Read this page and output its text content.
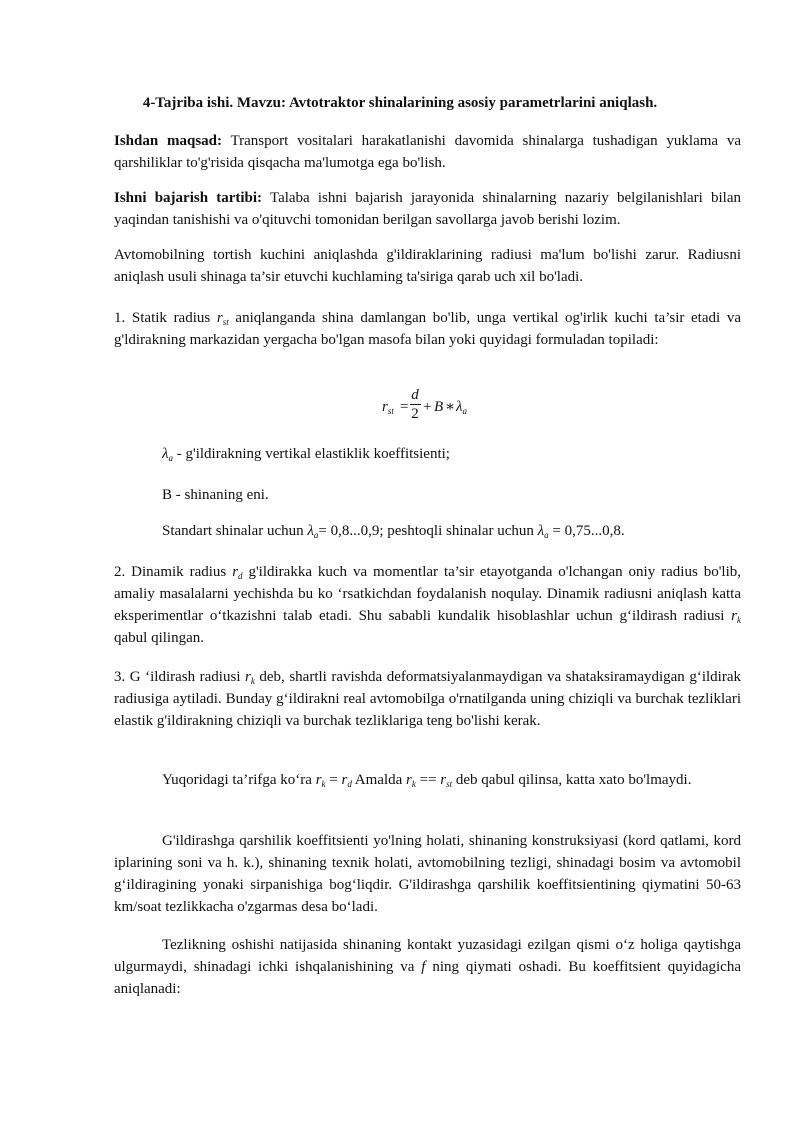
4-Tajriba ishi. Mavzu: Avtotraktor shinalarining asosiy parametrlarini aniqlash.
Ishdan maqsad: Transport vositalari harakatlanishi davomida shinalarga tushadigan yuklama va qarshiliklar to'g'risida qisqacha ma'lumotga ega bo'lish.
Ishni bajarish tartibi: Talaba ishni bajarish jarayonida shinalarning nazariy belgilanishlari bilan yaqindan tanishishi va o'qituvchi tomonidan berilgan savollarga javob berishi lozim.
Avtomobilning tortish kuchini aniqlashda g'ildiraklarining radiusi ma'lum bo'lishi zarur. Radiusni aniqlash usuli shinaga ta’sir etuvchi kuchlaming ta'siriga qarab uch xil bo'ladi.
1. Statik radius $r_{st}$ aniqlanganda shina damlangan bo'lib, unga vertikal og'irlik kuchi ta’sir etadi va g'ldirakning markazidan yergacha bo'lgan masofa bilan yoki quyidagi formuladan topiladi:
$r_{st}$ =
d
2 + B ∗ $\lambda_a$
$\lambda_a$ - g'ildirakning vertikal elastiklik koeffitsienti;
B - shinaning eni.
Standart shinalar uchun $\lambda_a= 0,8...0,9$; peshtoqli shinalar uchun $\lambda_a = 0,75...0,8$.
2. Dinamik radius $r_d$ g'ildirakka kuch va momentlar ta’sir etayotganda o'lchangan oniy radius bo'lib, amaliy masalalarni yechishda bu ko ‘rsatkichdan foydalanish noqulay. Dinamik radiusni aniqlash katta eksperimentlar o‘tkazishni talab etadi. Shu sababli kundalik hisoblashlar uchun g‘ildirash radiusi $r_k$ qabul qilingan.
3. G ‘ildirash radiusi $r_k$ deb, shartli ravishda deformatsiyalanmaydigan va shataksiramaydigan g‘ildirak radiusiga aytiladi. Bunday g‘ildirakni real avtomobilga o'rnatilganda uning chiziqli va burchak tezliklari elastik g'ildirakning chiziqli va burchak tezliklariga teng bo'lishi kerak.
Yuqoridagi ta’rifga ko‘ra $r_k = r_d$ Amalda $r_k == r_{st}$ deb qabul qilinsa, katta xato bo'lmaydi.
G'ildirashga qarshilik koeffitsienti yo'lning holati, shinaning konstruksiyasi (kord qatlami, kord iplarining soni va h. k.), shinaning texnik holati, avtomobilning tezligi, shinadagi bosim va avtomobil g‘ildiragining yonaki sirpanishiga bog‘liqdir. G'ildirashga qarshilik koeffitsientining qiymatini 50-63 km/soat tezlikkacha o'zgarmas desa bo‘ladi.
Tezlikning oshishi natijasida shinaning kontakt yuzasidagi ezilgan qismi o‘z holiga qaytishga ulgurmaydi, shinadagi ichki ishqalanishining va f ning qiymati oshadi. Bu koeffitsient quyidagicha aniqlanadi:
